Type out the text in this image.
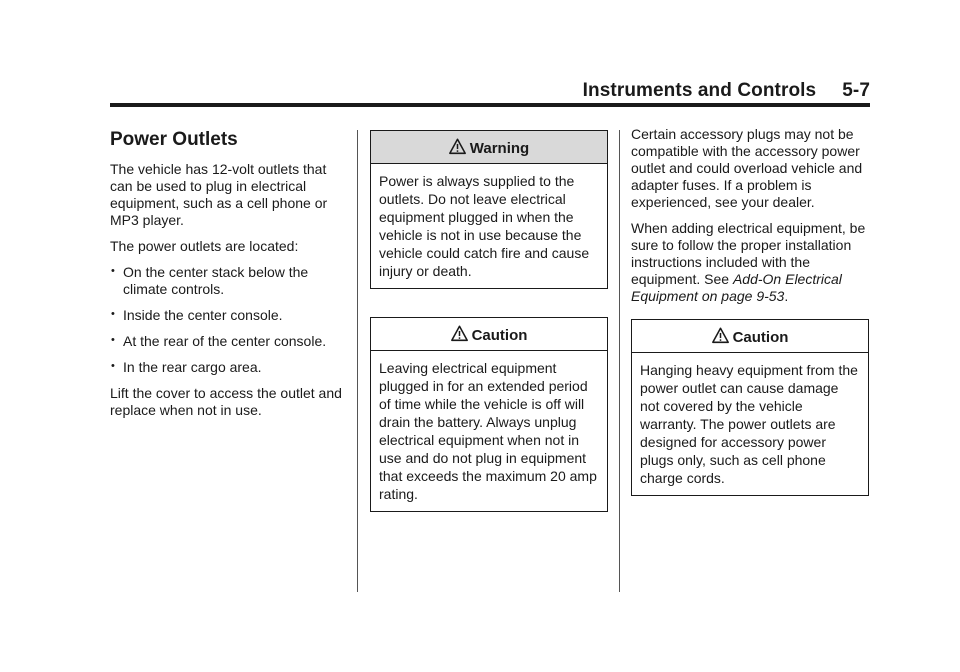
Instruments and Controls 5-7
Power Outlets

The vehicle has 12-volt outlets that can be used to plug in electrical equipment, such as a cell phone or MP3 player.

The power outlets are located:

• On the center stack below the climate controls.
• Inside the center console.
• At the rear of the center console.
• In the rear cargo area.

Lift the cover to access the outlet and replace when not in use.

Warning
Power is always supplied to the outlets. Do not leave electrical equipment plugged in when the vehicle is not in use because the vehicle could catch fire and cause injury or death.
Caution
Leaving electrical equipment plugged in for an extended period of time while the vehicle is off will drain the battery. Always unplug electrical equipment when not in use and do not plug in equipment that exceeds the maximum 20 amp rating.

Certain accessory plugs may not be compatible with the accessory power outlet and could overload vehicle and adapter fuses. If a problem is experienced, see your dealer.

When adding electrical equipment, be sure to follow the proper installation instructions included with the equipment. See Add-On Electrical Equipment on page 9-53.

Caution
Hanging heavy equipment from the power outlet can cause damage not covered by the vehicle warranty. The power outlets are designed for accessory power plugs only, such as cell phone charge cords.
